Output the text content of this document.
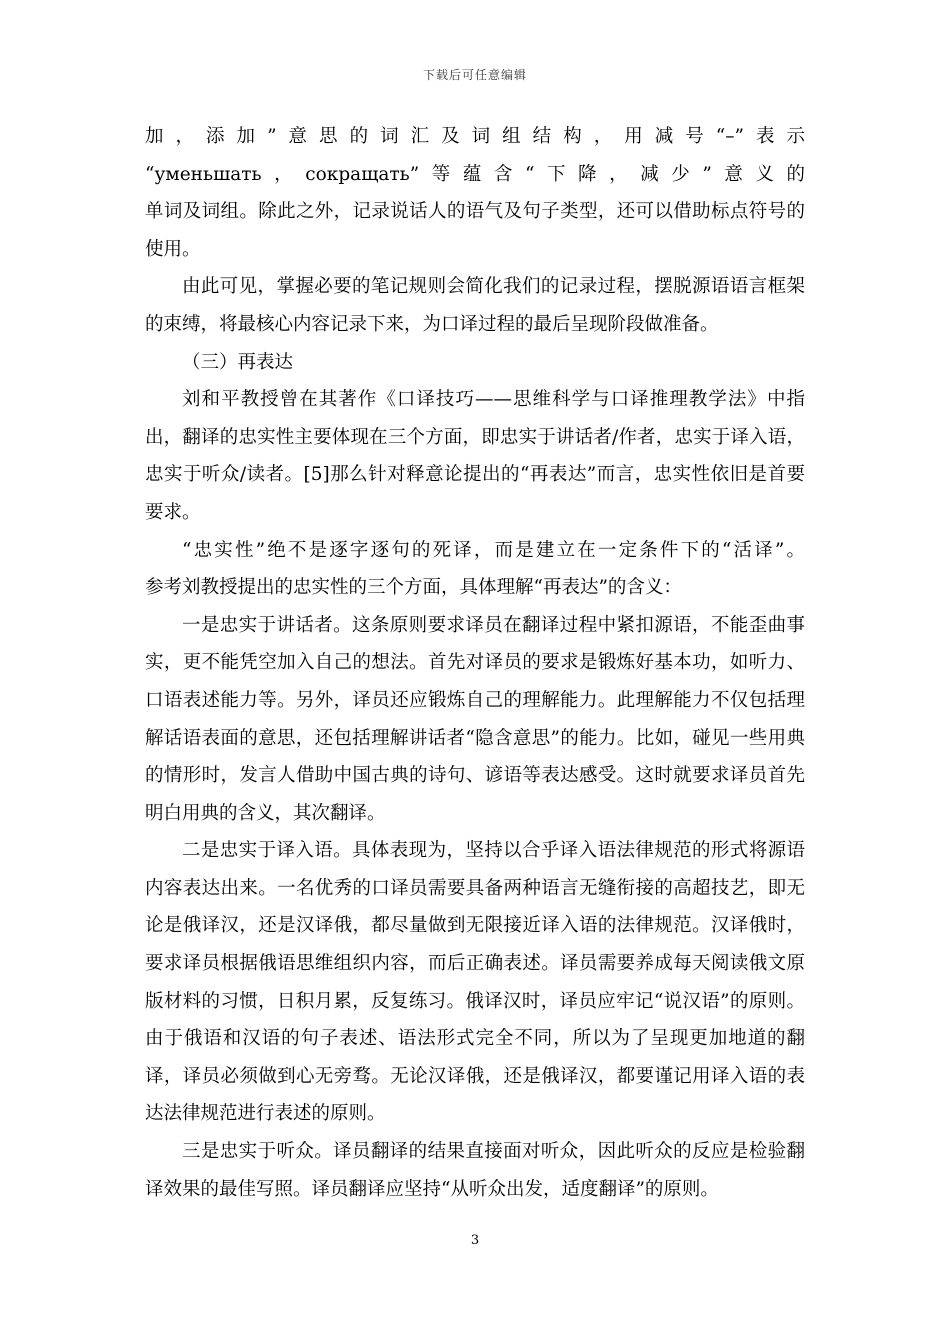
下载后可任意编辑

加，添加”意思的词汇及词组结构，用减号“–”表示
“уменьшать，сокращать”等蕴含“下降，减少”意义的
单词及词组。除此之外，记录说话人的语气及句子类型，还可以借助标点符号的使用。

由此可见，掌握必要的笔记规则会简化我们的记录过程，摆脱源语语言框架的束缚，将最核心内容记录下来，为口译过程的最后呈现阶段做准备。

（三）再表达

刘和平教授曾在其著作《口译技巧——思维科学与口译推理教学法》中指出，翻译的忠实性主要体现在三个方面，即忠实于讲话者/作者，忠实于译入语，忠实于听众/读者。[5]那么针对释意论提出的“再表达”而言，忠实性依旧是首要要求。

“忠实性”绝不是逐字逐句的死译，而是建立在一定条件下的“活译”。
参考刘教授提出的忠实性的三个方面，具体理解“再表达”的含义：

一是忠实于讲话者。这条原则要求译员在翻译过程中紧扣源语，不能歪曲事实，更不能凭空加入自己的想法。首先对译员的要求是锻炼好基本功，如听力、口语表述能力等。另外，译员还应锻炼自己的理解能力。此理解能力不仅包括理解话语表面的意思，还包括理解讲话者“隐含意思”的能力。比如，碰见一些用典的情形时，发言人借助中国古典的诗句、谚语等表达感受。这时就要求译员首先明白用典的含义，其次翻译。

二是忠实于译入语。具体表现为，坚持以合乎译入语法律规范的形式将源语内容表达出来。一名优秀的口译员需要具备两种语言无缝衔接的高超技艺，即无论是俄译汉，还是汉译俄，都尽量做到无限接近译入语的法律规范。汉译俄时，要求译员根据俄语思维组织内容，而后正确表述。译员需要养成每天阅读俄文原版材料的习惯，日积月累，反复练习。俄译汉时，译员应牢记“说汉语”的原则。由于俄语和汉语的句子表述、语法形式完全不同，所以为了呈现更加地道的翻译，译员必须做到心无旁骛。无论汉译俄，还是俄译汉，都要谨记用译入语的表达法律规范进行表述的原则。

三是忠实于听众。译员翻译的结果直接面对听众，因此听众的反应是检验翻译效果的最佳写照。译员翻译应坚持“从听众出发，适度翻译”的原则。

3
